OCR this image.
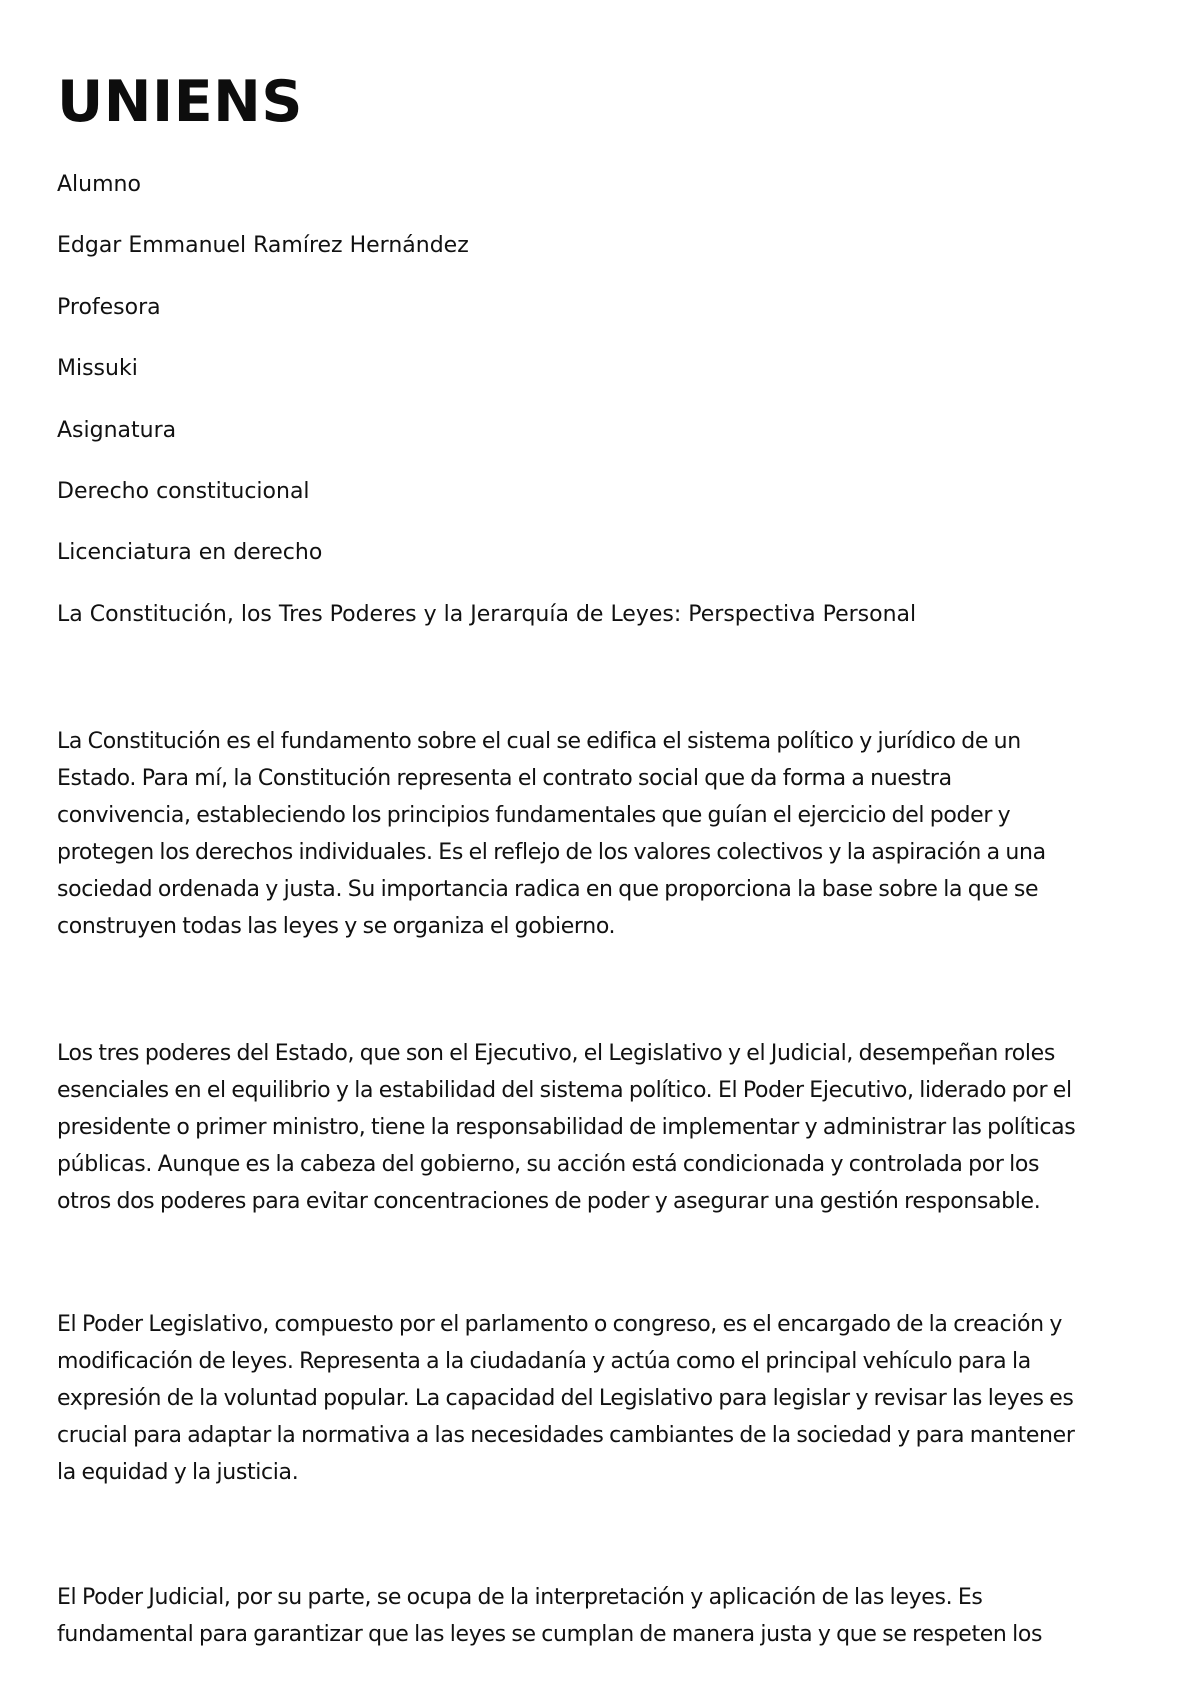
UNIENS
Alumno
Edgar Emmanuel Ramírez Hernández
Profesora
Missuki
Asignatura
Derecho constitucional
Licenciatura en derecho
La Constitución, los Tres Poderes y la Jerarquía de Leyes: Perspectiva Personal

La Constitución es el fundamento sobre el cual se edifica el sistema político y jurídico de un
Estado. Para mí, la Constitución representa el contrato social que da forma a nuestra
convivencia, estableciendo los principios fundamentales que guían el ejercicio del poder y
protegen los derechos individuales. Es el reflejo de los valores colectivos y la aspiración a una
sociedad ordenada y justa. Su importancia radica en que proporciona la base sobre la que se
construyen todas las leyes y se organiza el gobierno.

Los tres poderes del Estado, que son el Ejecutivo, el Legislativo y el Judicial, desempeñan roles
esenciales en el equilibrio y la estabilidad del sistema político. El Poder Ejecutivo, liderado por el
presidente o primer ministro, tiene la responsabilidad de implementar y administrar las políticas
públicas. Aunque es la cabeza del gobierno, su acción está condicionada y controlada por los
otros dos poderes para evitar concentraciones de poder y asegurar una gestión responsable.

El Poder Legislativo, compuesto por el parlamento o congreso, es el encargado de la creación y
modificación de leyes. Representa a la ciudadanía y actúa como el principal vehículo para la
expresión de la voluntad popular. La capacidad del Legislativo para legislar y revisar las leyes es
crucial para adaptar la normativa a las necesidades cambiantes de la sociedad y para mantener
la equidad y la justicia.

El Poder Judicial, por su parte, se ocupa de la interpretación y aplicación de las leyes. Es
fundamental para garantizar que las leyes se cumplan de manera justa y que se respeten los
